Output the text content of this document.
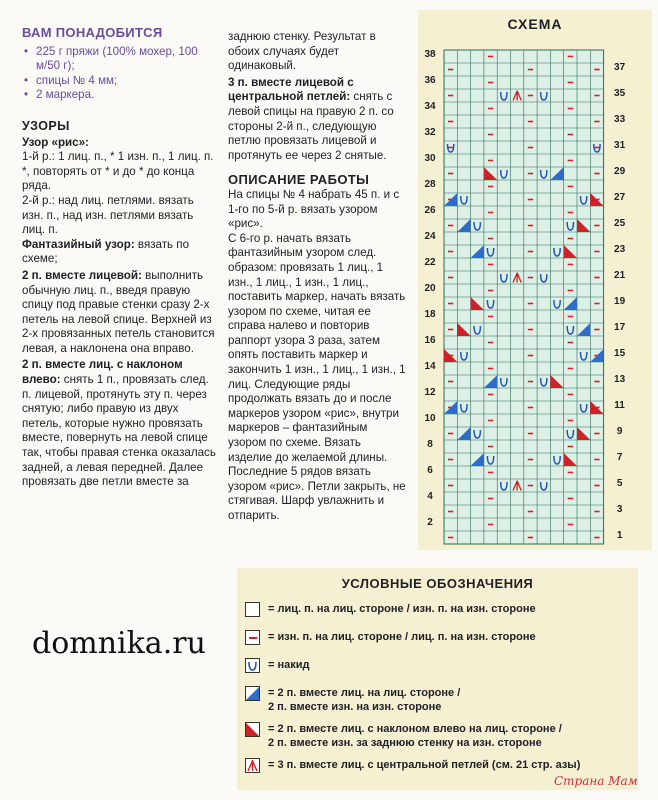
ВАМ ПОНАДОБИТСЯ
• 225 г пряжи (100% мохер, 100 м/50 г);
• спицы № 4 мм;
• 2 маркера.
УЗОРЫ

Узор «рис»:

1-й р.: 1 лиц. п., * 1 изн. п., 1 лиц. п. *, повторять от * и до * до конца ряда.

2-й р.: над лиц. петлями. вязать изн. п., над изн. петлями вязать лиц. п.

Фантазийный узор: вязать по схеме;

2 п. вместе лицевой: выполнить обычную лиц. п., введя правую спицу под правые стенки сразу 2-х петель на левой спице. Верхней из 2-х провязанных петель становится левая, а наклонена она вправо.

2 п. вместе лиц. с наклоном влево: снять 1 п., провязать след. п. лицевой, протянуть эту п. через снятую; либо правую из двух петель, которые нужно провязать вместе, повернуть на левой спице так, чтобы правая стенка оказалась задней, а левая передней. Далее провязать две петли вместе за

заднюю стенку. Результат в обоих случаях будет одинаковый.

3 п. вместе лицевой с центральной петлей: снять с левой спицы на правую 2 п. со стороны 2-й п., следующую петлю провязать лицевой и протянуть ее через 2 снятые.

ОПИСАНИЕ РАБОТЫ

На спицы № 4 набрать 45 п. и с 1-го по 5-й р. вязать узором «рис».

С 6-го р. начать вязать фантазийным узором след. образом: провязать 1 лиц., 1 изн., 1 лиц., 1 изн., 1 лиц., поставить маркер, начать вязать узором по схеме, читая ее справа налево и повторив раппорт узора 3 раза, затем опять поставить маркер и закончить 1 изн., 1 лиц., 1 изн., 1 лиц. Следующие ряды продолжать вязать до и после маркеров узором «рис», внутри маркеров – фантазийным узором по схеме. Вязать изделие до желаемой длины.

Последние 5 рядов вязать узором «рис». Петли закрыть, не стягивая. Шарф увлажнить и отпарить.

СХЕМА
38
36
34
32
30
28
26
24
22
20
18
16
14
12
10
8
6
4
2
37
35
33
31
29
27
25
23
21
19
17
15
13
11
9
7
5
3
1
УСЛОВНЫЕ ОБОЗНАЧЕНИЯ
= лиц. п. на лиц. стороне / изн. п. на изн. стороне
= изн. п. на лиц. стороне / лиц. п. на изн. стороне
= накид
= 2 п. вместе лиц. на лиц. стороне /
2 п. вместе изн. на изн. стороне
= 2 п. вместе лиц. с наклоном влево на лиц. стороне /
2 п. вместе изн. за заднюю стенку на изн. стороне
= 3 п. вместе лиц. с центральной петлей (см. 21 стр. азы)
domnika.ru
Страна Мам
